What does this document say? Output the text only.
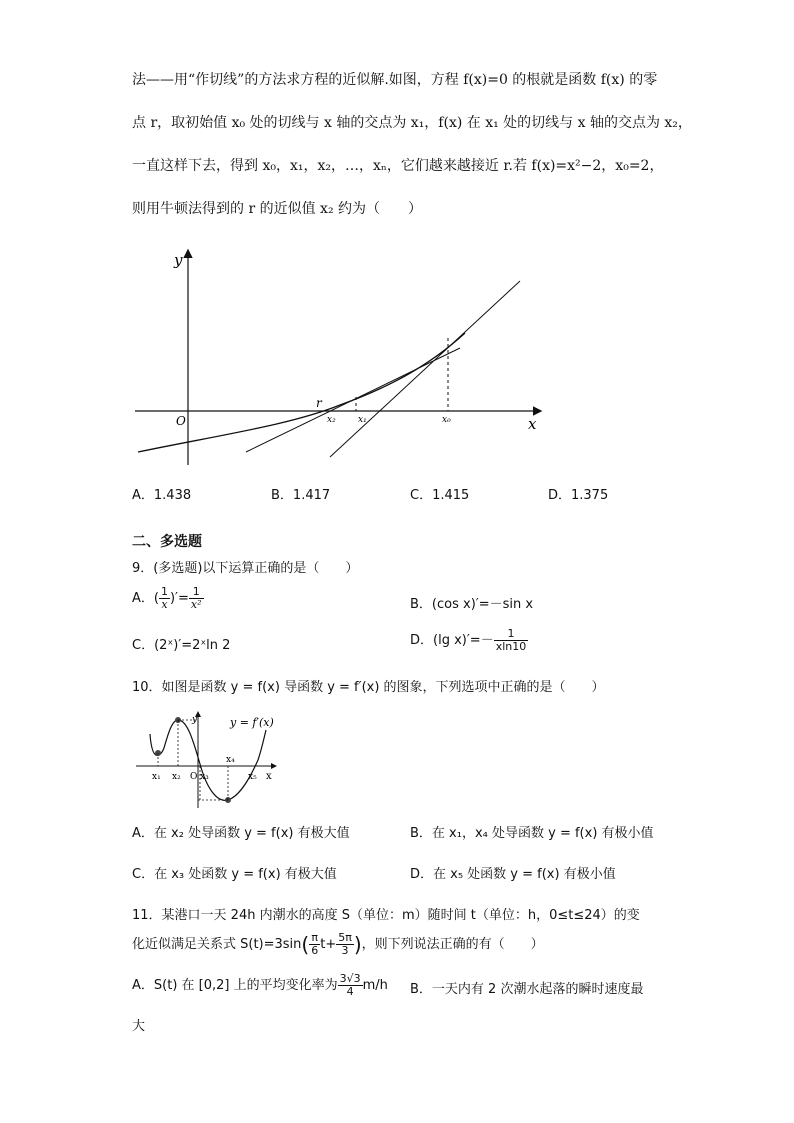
法——用“作切线”的方法求方程的近似解.如图，方程 f(x)=0 的根就是函数 f(x) 的零
点 r，取初始值 x₀ 处的切线与 x 轴的交点为 x₁，f(x) 在 x₁ 处的切线与 x 轴的交点为 x₂，
一直这样下去，得到 x₀，x₁，x₂，…，xₙ，它们越来越接近 r.若 f(x)=x²−2，x₀=2，
则用牛顿法得到的 r 的近似值 x₂ 约为（　　）
y
x
O
r
x₂ x₁	x₀
A．1.438	B．1.417	C．1.415	D．1.375
二、多选题
9．(多选题)以下运算正确的是（　　）
A．( $\frac{1}{x}$ )′= $\frac{1}{\text{x²}}$	B．(cos x)′=－sin x
C．(2ˣ)′=2ˣln 2	D．(lg $x)'=- \frac{1}{xln10}$
10．如图是函数 y = f(x) 导函数 y = f′(x) 的图象，下列选项中正确的是（　　）
y = f′(x)
y
x
x₁ x₂ O x₃
x₄
x₅
A．在 x₂ 处导函数 y = f(x) 有极大值	B．在 x₁，x₄ 处导函数 y = f(x) 有极小值
C．在 x₃ 处函数 y = f(x) 有极大值	D．在 x₅ 处函数 y = f(x) 有极小值
11．某港口一天 24h 内潮水的高度 S（单位：m）随时间 t（单位：h，0≤t≤24）的变
化近似满足关系式 $S(t)=3\sin( \frac{\pi}{6} t+ \frac{5\pi}{3}$ )，则下列说法正确的有（　　）
A．S(t) 在 [0,2] 上的平均变化率为 $\frac{3√3}{4} m/h$ B．一天内有 2 次潮水起落的瞬时速度最
大
